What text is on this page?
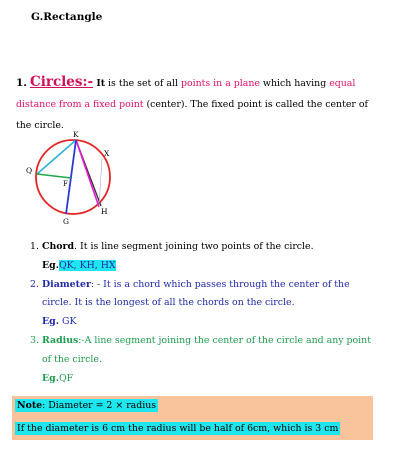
G.Rectangle
1. Circles:- It is the set of all points in a plane which having equal distance from a fixed point (center). The fixed point is called the center of the circle.
K
X
Q
F
H
G
1. Chord. It is line segment joining two points of the circle.
Eg.QK, KH, HX
2. Diameter: - It is a chord which passes through the center of the circle. It is the longest of all the chords on the circle.
Eg. GK
3. Radius:-A line segment joining the center of the circle and any point of the circle.
Eg.QF
Note: Diameter = 2 × radius
If the diameter is 6 cm the radius will be half of 6cm, which is 3 cm
